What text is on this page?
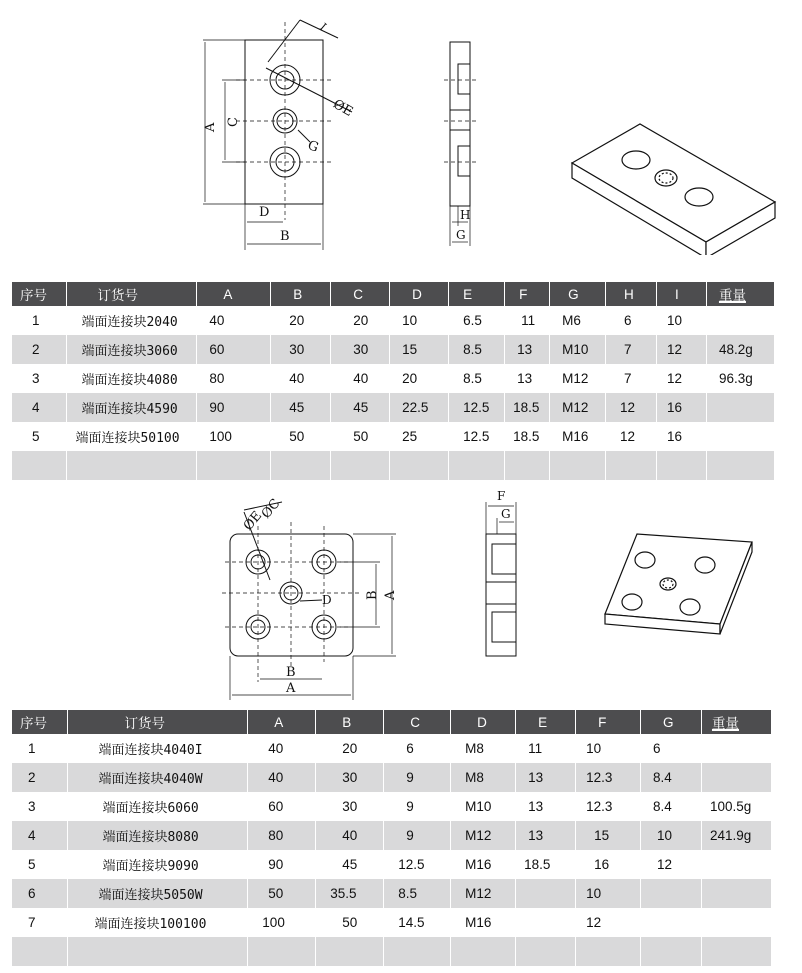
A
C
D
B
ØE
G
I
H
G
序号	订货号	A	B	C	D	E	F	G	H	I	重量
1	端面连接块2040	40	20	20	10	6.5	11	M6	6	10	
2	端面连接块3060	60	30	30	15	8.5	13	M10	7	12	48.2g
3	端面连接块4080	80	40	40	20	8.5	13	M12	7	12	96.3g
4	端面连接块4590	90	45	45	22.5	12.5	18.5	M12	12	16	
5	端面连接块50100	100	50	50	25	12.5	18.5	M16	12	16	

ØC
ØE
D	B A
B
A
F
G
序号	订货号	A	B	C	D	E	F	G	重量
1	端面连接块4040I	40	20	6	M8	11	10	6	
2	端面连接块4040W	40	30	9	M8	13	12.3	8.4	
3	端面连接块6060	60	30	9	M10	13	12.3	8.4	100.5g
4	端面连接块8080	80	40	9	M12	13	15	10	241.9g
5	端面连接块9090	90	45	12.5	M16	18.5	16	12	
6	端面连接块5050W	50	35.5	8.5	M12		10		
7	端面连接块100100	100	50	14.5	M16		12		
